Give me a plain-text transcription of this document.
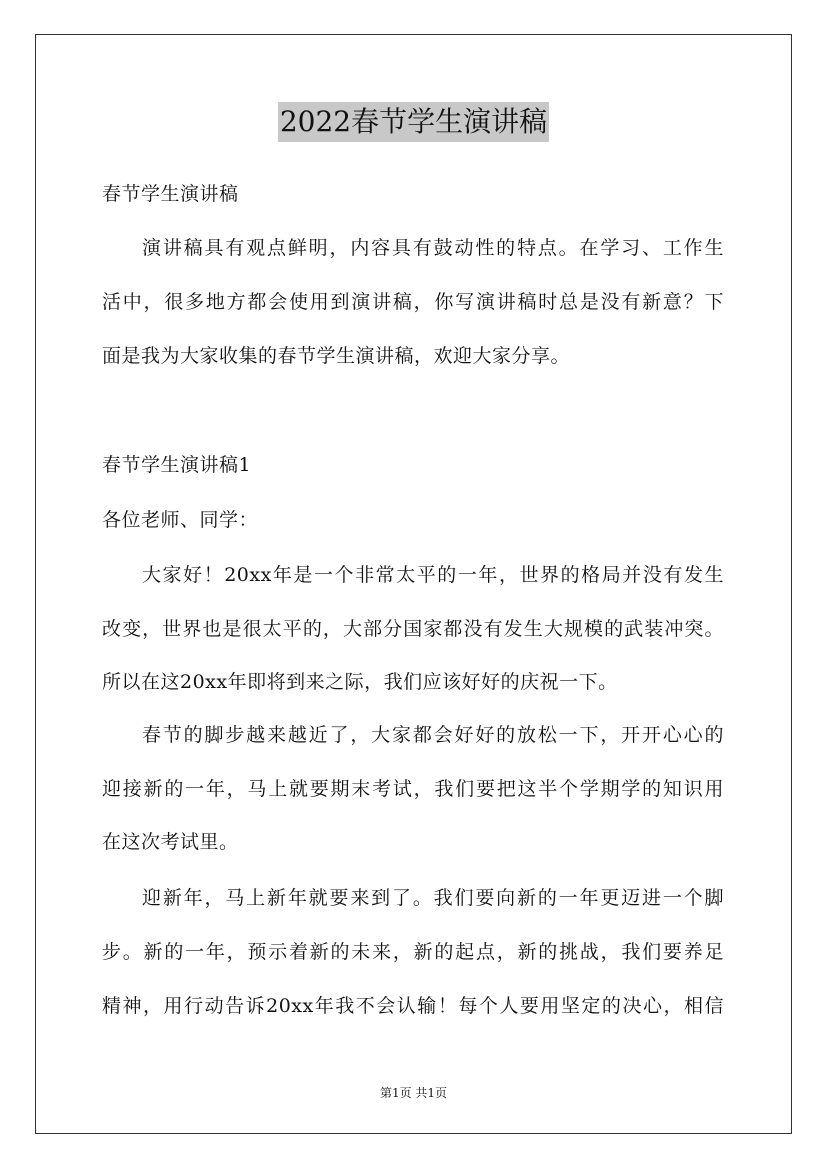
2022春节学生演讲稿
春节学生演讲稿
演讲稿具有观点鲜明，内容具有鼓动性的特点。在学习、工作生
活中，很多地方都会使用到演讲稿，你写演讲稿时总是没有新意？下
面是我为大家收集的春节学生演讲稿，欢迎大家分享。
春节学生演讲稿1
各位老师、同学：
大家好！20xx年是一个非常太平的一年，世界的格局并没有发生
改变，世界也是很太平的，大部分国家都没有发生大规模的武装冲突。
所以在这20xx年即将到来之际，我们应该好好的庆祝一下。
春节的脚步越来越近了，大家都会好好的放松一下，开开心心的
迎接新的一年，马上就要期末考试，我们要把这半个学期学的知识用
在这次考试里。
迎新年，马上新年就要来到了。我们要向新的一年更迈进一个脚
步。新的一年，预示着新的未来，新的起点，新的挑战，我们要养足
精神，用行动告诉20xx年我不会认输！每个人要用坚定的决心，相信
第1页 共1页
